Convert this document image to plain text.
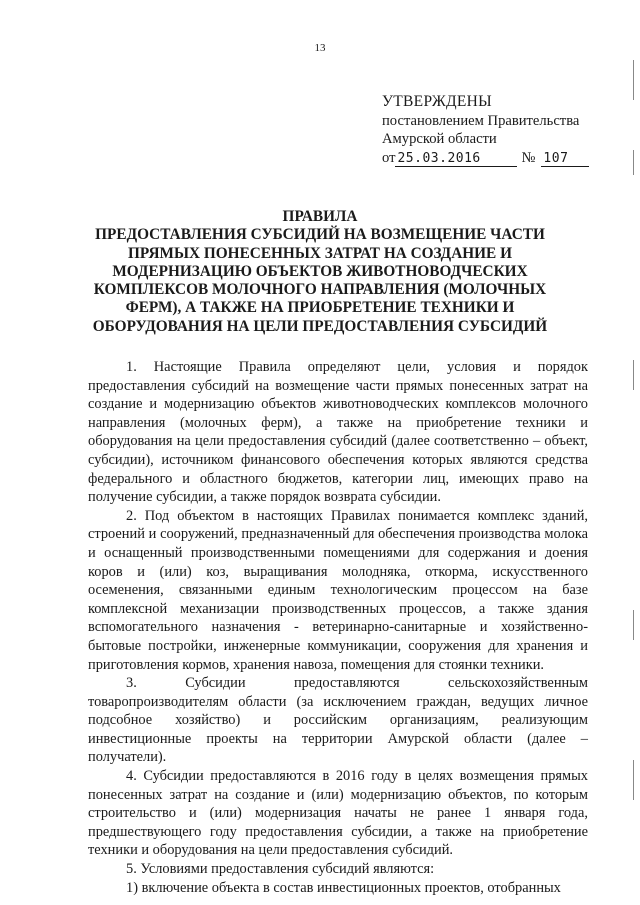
13
УТВЕРЖДЕНЫ
постановлением Правительства
Амурской области
от 25.03.2016	№ 107
ПРАВИЛА
ПРЕДОСТАВЛЕНИЯ СУБСИДИЙ НА ВОЗМЕЩЕНИЕ ЧАСТИ
ПРЯМЫХ ПОНЕСЕННЫХ ЗАТРАТ НА СОЗДАНИЕ И
МОДЕРНИЗАЦИЮ ОБЪЕКТОВ ЖИВОТНОВОДЧЕСКИХ
КОМПЛЕКСОВ МОЛОЧНОГО НАПРАВЛЕНИЯ (МОЛОЧНЫХ
ФЕРМ), А ТАКЖЕ НА ПРИОБРЕТЕНИЕ ТЕХНИКИ И
ОБОРУДОВАНИЯ НА ЦЕЛИ ПРЕДОСТАВЛЕНИЯ СУБСИДИЙ

1. Настоящие Правила определяют цели, условия и порядок предоставления субсидий на возмещение части прямых понесенных затрат на создание и модернизацию объектов животноводческих комплексов молочного направления (молочных ферм), а также на приобретение техники и оборудования на цели предоставления субсидий (далее соответственно – объект, субсидии), источником финансового обеспечения которых являются средства федерального и областного бюджетов, категории лиц, имеющих право на получение субсидии, а также порядок возврата субсидии.

2. Под объектом в настоящих Правилах понимается комплекс зданий, строений и сооружений, предназначенный для обеспечения производства молока и оснащенный производственными помещениями для содержания и доения коров и (или) коз, выращивания молодняка, откорма, искусственного осеменения, связанными единым технологическим процессом на базе комплексной механизации производственных процессов, а также здания вспомогательного назначения - ветеринарно-санитарные и хозяйственно-бытовые постройки, инженерные коммуникации, сооружения для хранения и приготовления кормов, хранения навоза, помещения для стоянки техники.

3. Субсидии предоставляются сельскохозяйственным товаропроизводителям области (за исключением граждан, ведущих личное подсобное хозяйство) и российским организациям, реализующим инвестиционные проекты на территории Амурской области (далее – получатели).

4. Субсидии предоставляются в 2016 году в целях возмещения прямых понесенных затрат на создание и (или) модернизацию объектов, по которым строительство и (или) модернизация начаты не ранее 1 января года, предшествующего году предоставления субсидии, а также на приобретение техники и оборудования на цели предоставления субсидий.

5. Условиями предоставления субсидий являются:

1) включение объекта в состав инвестиционных проектов, отобранных
